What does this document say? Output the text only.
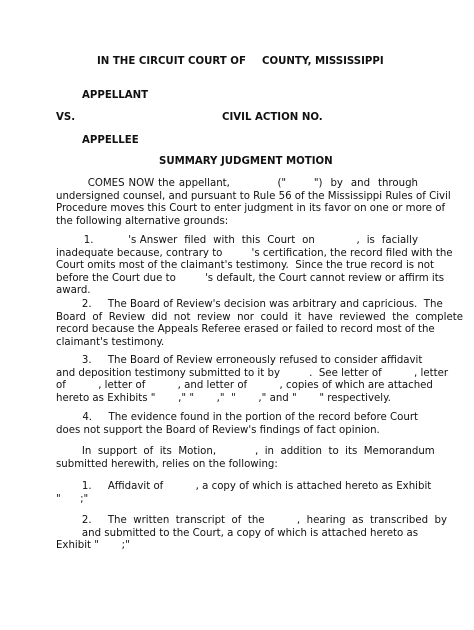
IN THE CIRCUIT COURT OF COUNTY, MISSISSIPPI
APPELLANT
VS.	CIVIL ACTION NO.
APPELLEE
SUMMARY JUDGMENT MOTION
COMES NOW the appellant,            ("       ")  by  and  through
undersigned counsel, and pursuant to Rule 56 of the Mississippi Rules of Civil
Procedure moves this Court to enter judgment in its favor on one or more of
the following alternative grounds:
1.          's Answer  filed  with  this  Court  on            ,  is  facially
inadequate because, contrary to         's certification, the record filed with the
Court omits most of the claimant's testimony.  Since the true record is not
before the Court due to         's default, the Court cannot review or affirm its
award.
2.     The Board of Review's decision was arbitrary and capricious.  The
Board  of  Review  did  not  review  nor  could  it  have  reviewed  the  complete
record because the Appeals Referee erased or failed to record most of the
claimant's testimony.
3.     The Board of Review erroneously refused to consider affidavit
and deposition testimony submitted to it by         .  See letter of          , letter
of          , letter of          , and letter of          , copies of which are attached
hereto as Exhibits "       ," "       ,"  "       ," and "       " respectively.
4.     The evidence found in the portion of the record before Court
does not support the Board of Review's findings of fact opinion.
In  support  of  its  Motion,            ,  in  addition  to  its  Memorandum
submitted herewith, relies on the following:
1.     Affidavit of          , a copy of which is attached hereto as Exhibit
"      ;"
2.     The  written  transcript  of  the          ,  hearing  as  transcribed  by
and submitted to the Court, a copy of which is attached hereto as
Exhibit "       ;"
